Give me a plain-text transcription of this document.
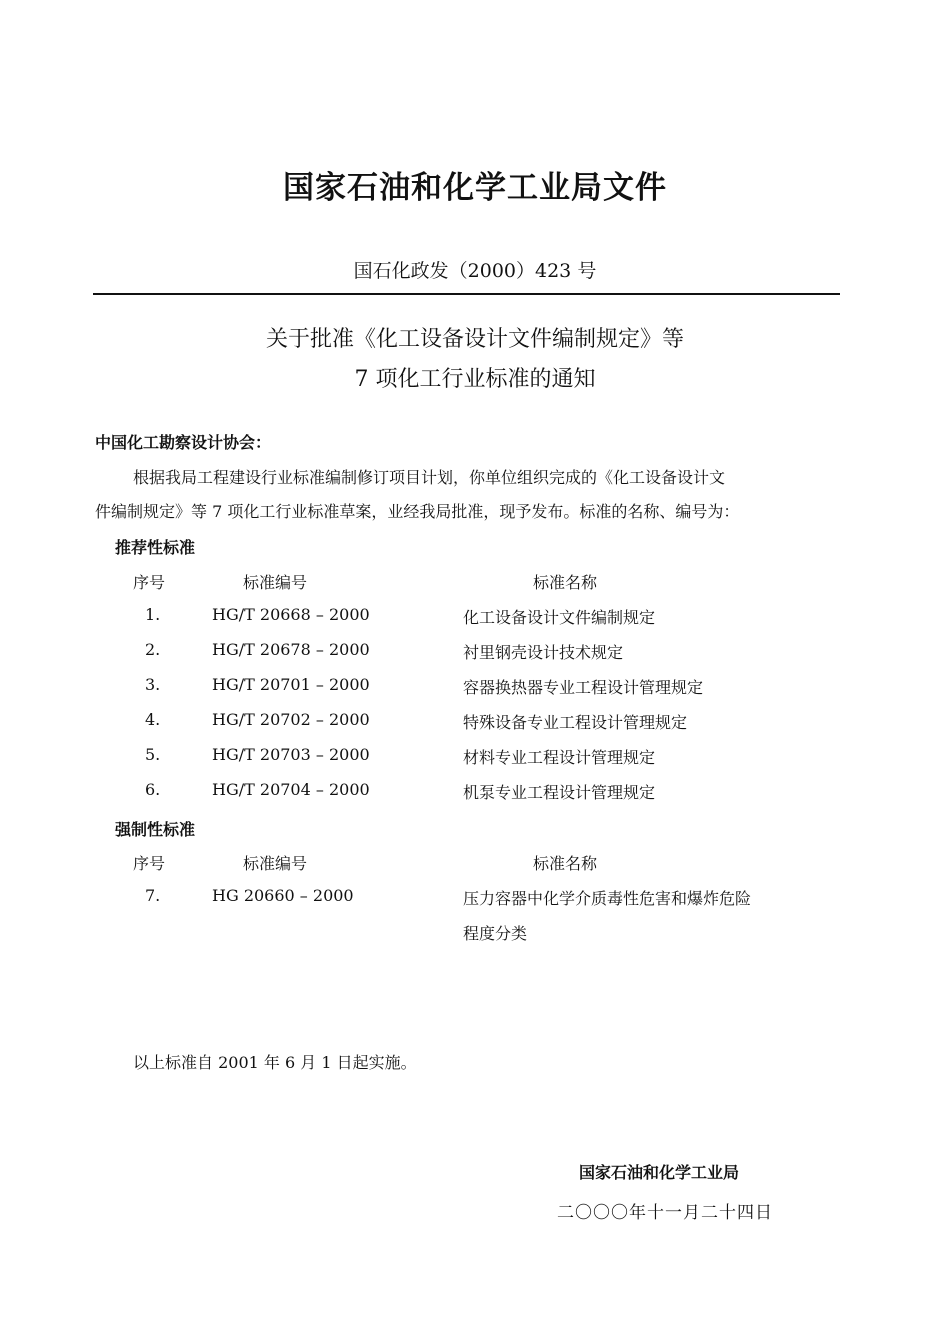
国家石油和化学工业局文件
国石化政发（2000）423 号
关于批准《化工设备设计文件编制规定》等
7 项化工行业标准的通知
中国化工勘察设计协会：
根据我局工程建设行业标准编制修订项目计划，你单位组织完成的《化工设备设计文
件编制规定》等 7 项化工行业标准草案，业经我局批准，现予发布。标准的名称、编号为：
推荐性标准
序号	标准编号	标准名称
1.	HG/T 20668 – 2000	化工设备设计文件编制规定
2.	HG/T 20678 – 2000	衬里钢壳设计技术规定
3.	HG/T 20701 – 2000	容器换热器专业工程设计管理规定
4.	HG/T 20702 – 2000	特殊设备专业工程设计管理规定
5.	HG/T 20703 – 2000	材料专业工程设计管理规定
6.	HG/T 20704 – 2000	机泵专业工程设计管理规定
强制性标准
序号	标准编号	标准名称
7.	HG 20660 – 2000	压力容器中化学介质毒性危害和爆炸危险
程度分类
以上标准自 2001 年 6 月 1 日起实施。
国家石油和化学工业局
二〇〇〇年十一月二十四日
